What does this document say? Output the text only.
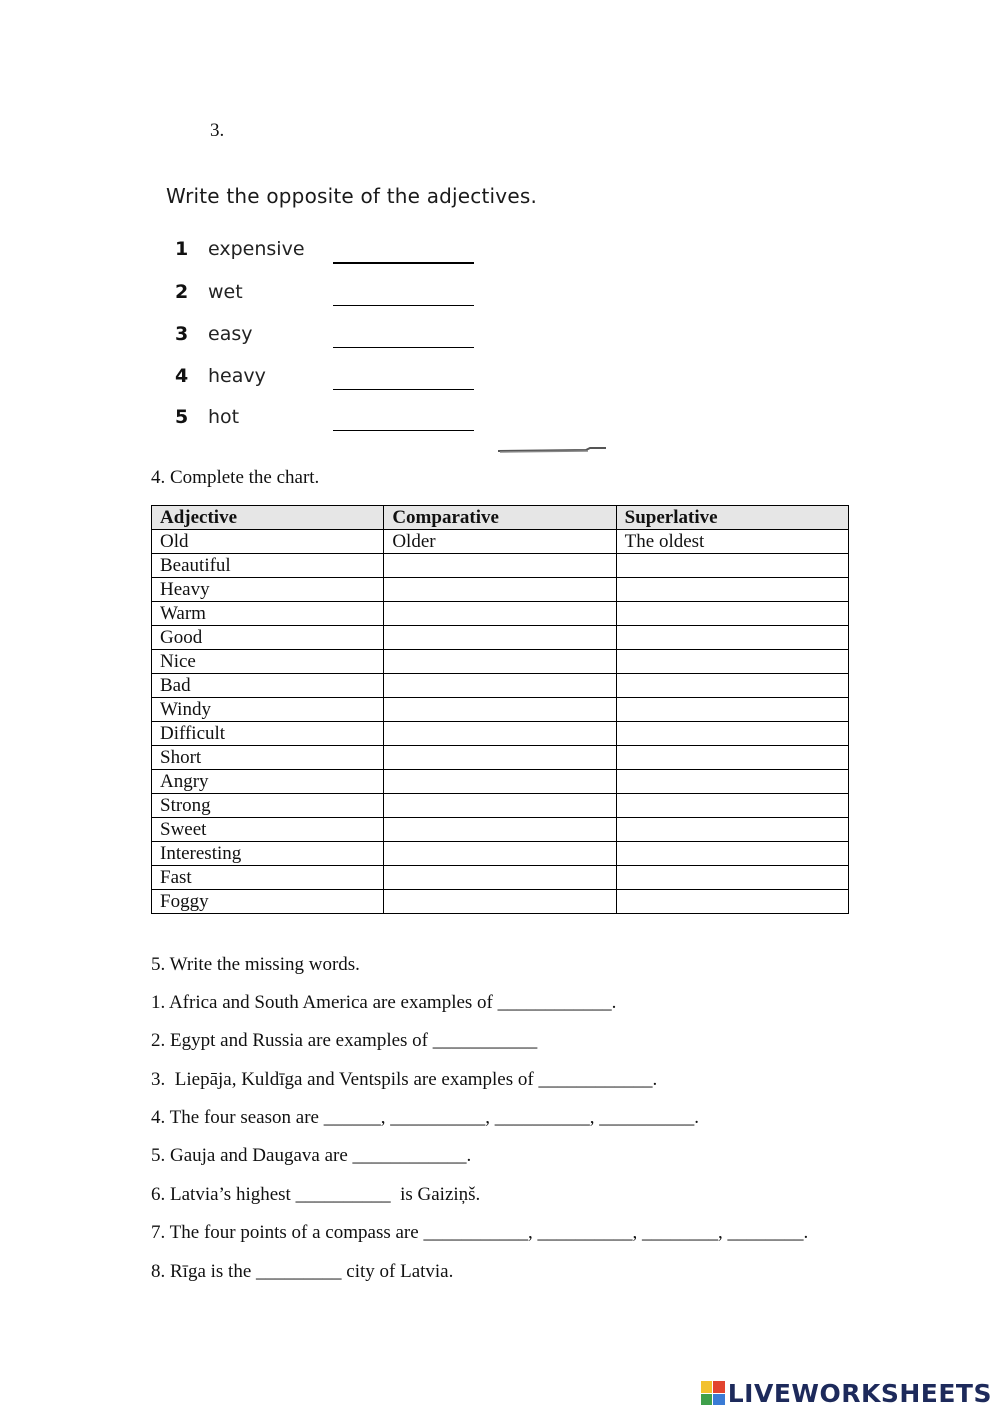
3.
Write the opposite of the adjectives.
1 expensive
2 wet
3 easy
4 heavy
5 hot
4. Complete the chart.
Adjective	Comparative	Superlative
Old	Older	The oldest
Beautiful		
Heavy		
Warm		
Good		
Nice		
Bad		
Windy		
Difficult		
Short		
Angry		
Strong		
Sweet		
Interesting		
Fast		
Foggy		
5. Write the missing words.
1. Africa and South America are examples of ____________.
2. Egypt and Russia are examples of ___________
3.  Liepāja, Kuldīga and Ventspils are examples of ____________.
4. The four season are ______, __________, __________, __________.
5. Gauja and Daugava are ____________.
6. Latvia’s highest __________  is Gaiziņš.
7. The four points of a compass are ___________, __________, ________, ________.
8. Rīga is the _________ city of Latvia.
LIVEWORKSHEETS
